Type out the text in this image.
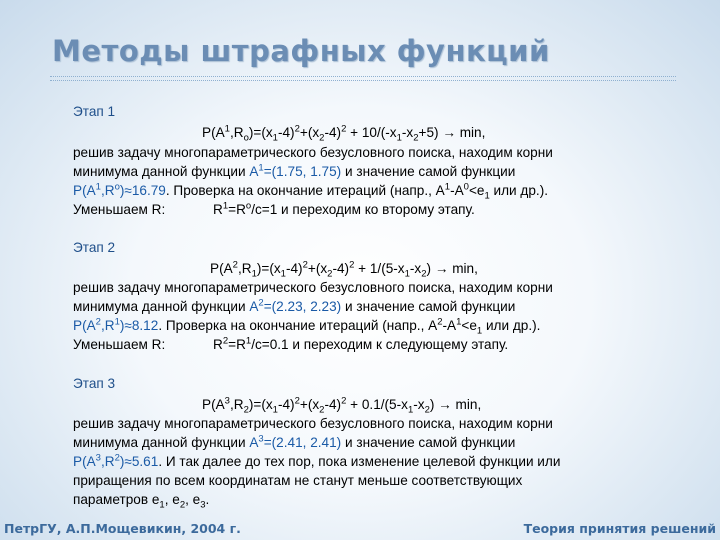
Методы штрафных функций
Этап 1
$P(A^1,R_o)=(x_1-4)^2+(x_2-4)^2 + 10/(-x_1-x_2+5) \to \min$,
решив задачу многопараметрического безусловного поиска, находим корни
минимума данной функции $A^1=(1.75$, 1.75) и значение самой функции
$P(A^1,R^o)\approx 16.79$. Проверка на окончание итераций (напр., $A^1-A^0<e_1$ или др.).
Уменьшаем R:	$R^1=R^o/c=1$ и переходим ко второму этапу.
Этап 2
$P(A^2,R_1)=(x_1-4)^2+(x_2-4)^2 + 1/(5-x_1-x_2) \to \min$,
решив задачу многопараметрического безусловного поиска, находим корни
минимума данной функции $A^2=(2.23$, 2.23) и значение самой функции
$P(A^2,R^1)\approx 8.12$. Проверка на окончание итераций (напр., $A^2-A^1<e_1$ или др.).
Уменьшаем R:	$R^2=R^1/c=0.1$ и переходим к следующему этапу.
Этап 3
$P(A^3,R_2)=(x_1-4)^2+(x_2-4)^2 + 0.1/(5-x_1-x_2) \to \min$,
решив задачу многопараметрического безусловного поиска, находим корни
минимума данной функции $A^3=(2.41$, 2.41) и значение самой функции
$P(A^3,R^2)\approx 5.61$. И так далее до тех пор, пока изменение целевой функции или
приращения по всем координатам не станут меньше соответствующих
параметров $e_1$, $e_2$, $e_3$.
ПетрГУ, А.П.Мощевикин, 2004 г.	Теория принятия решений
